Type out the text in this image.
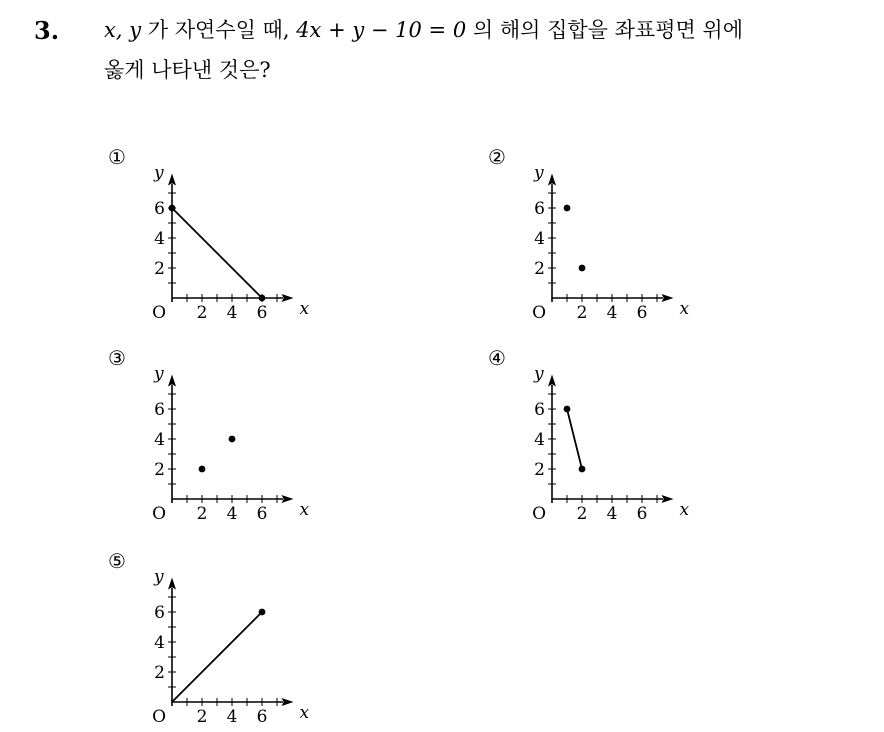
3. x, y 가 자연수일 때, 4x + y − 10 = 0 의 해의 집합을 좌표평면 위에
옳게 나타낸 것은?
①
2 4 6
2
4
6
O	x
y
②
2 4 6
2
4
6
O	x
y
③
2 4 6
2
4
6
O	x
y
④
2 4 6
2
4
6
O	x
y
⑤
2 4 6
2
4
6
O	x
y
